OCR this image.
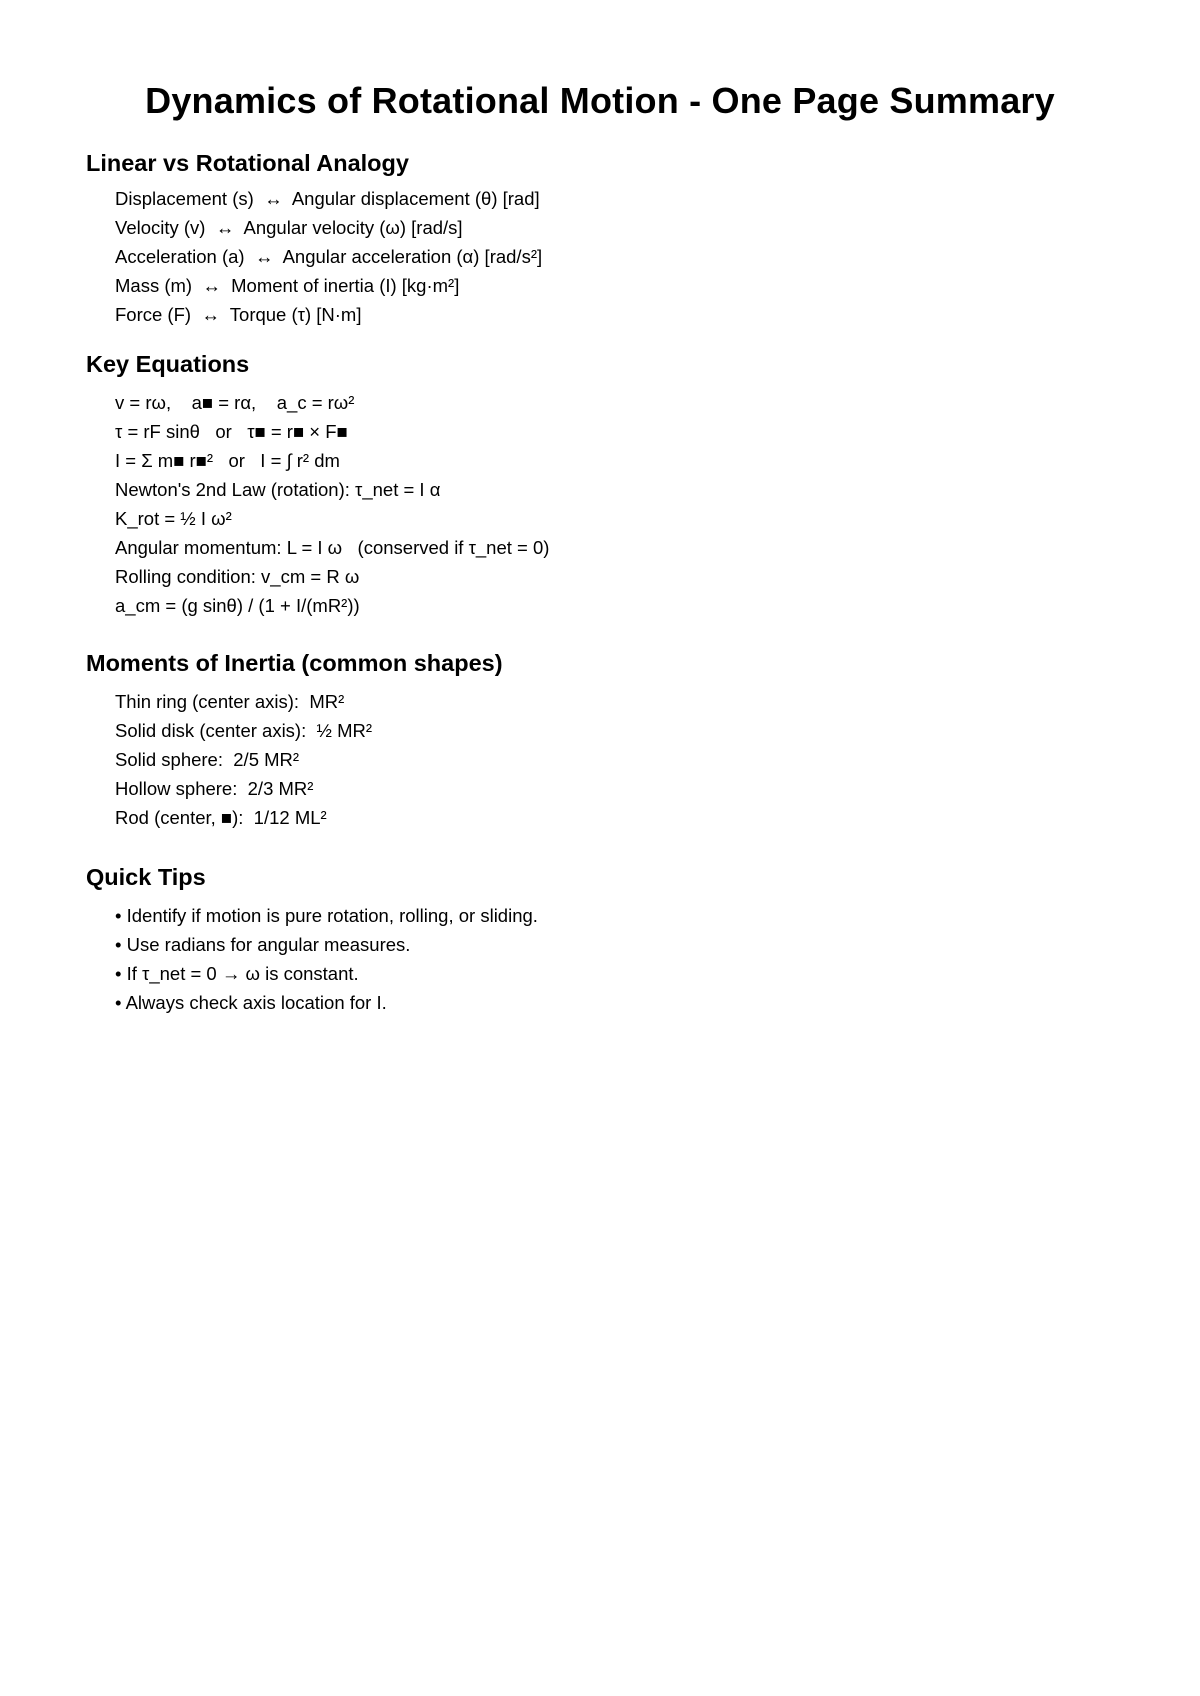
Dynamics of Rotational Motion - One Page Summary
Linear vs Rotational Analogy
Displacement (s)  ↔  Angular displacement (θ) [rad]
Velocity (v)  ↔  Angular velocity (ω) [rad/s]
Acceleration (a)  ↔  Angular acceleration (α) [rad/s²]
Mass (m)  ↔  Moment of inertia (I) [kg·m²]
Force (F)  ↔  Torque (τ) [N·m]
Key Equations
v = rω,    a■ = rα,    a_c = rω²
τ = rF sinθ   or   τ■ = r■ × F■
I = Σ m■ r■²   or   I = ∫ r² dm
Newton's 2nd Law (rotation): τ_net = I α
K_rot = ½ I ω²
Angular momentum: L = I ω   (conserved if τ_net = 0)
Rolling condition: v_cm = R ω
a_cm = (g sinθ) / (1 + I/(mR²))
Moments of Inertia (common shapes)
Thin ring (center axis):  MR²
Solid disk (center axis):  ½ MR²
Solid sphere:  2/5 MR²
Hollow sphere:  2/3 MR²
Rod (center, ■):  1/12 ML²
Quick Tips
• Identify if motion is pure rotation, rolling, or sliding.
• Use radians for angular measures.
• If τ_net = 0 → ω is constant.
• Always check axis location for I.
